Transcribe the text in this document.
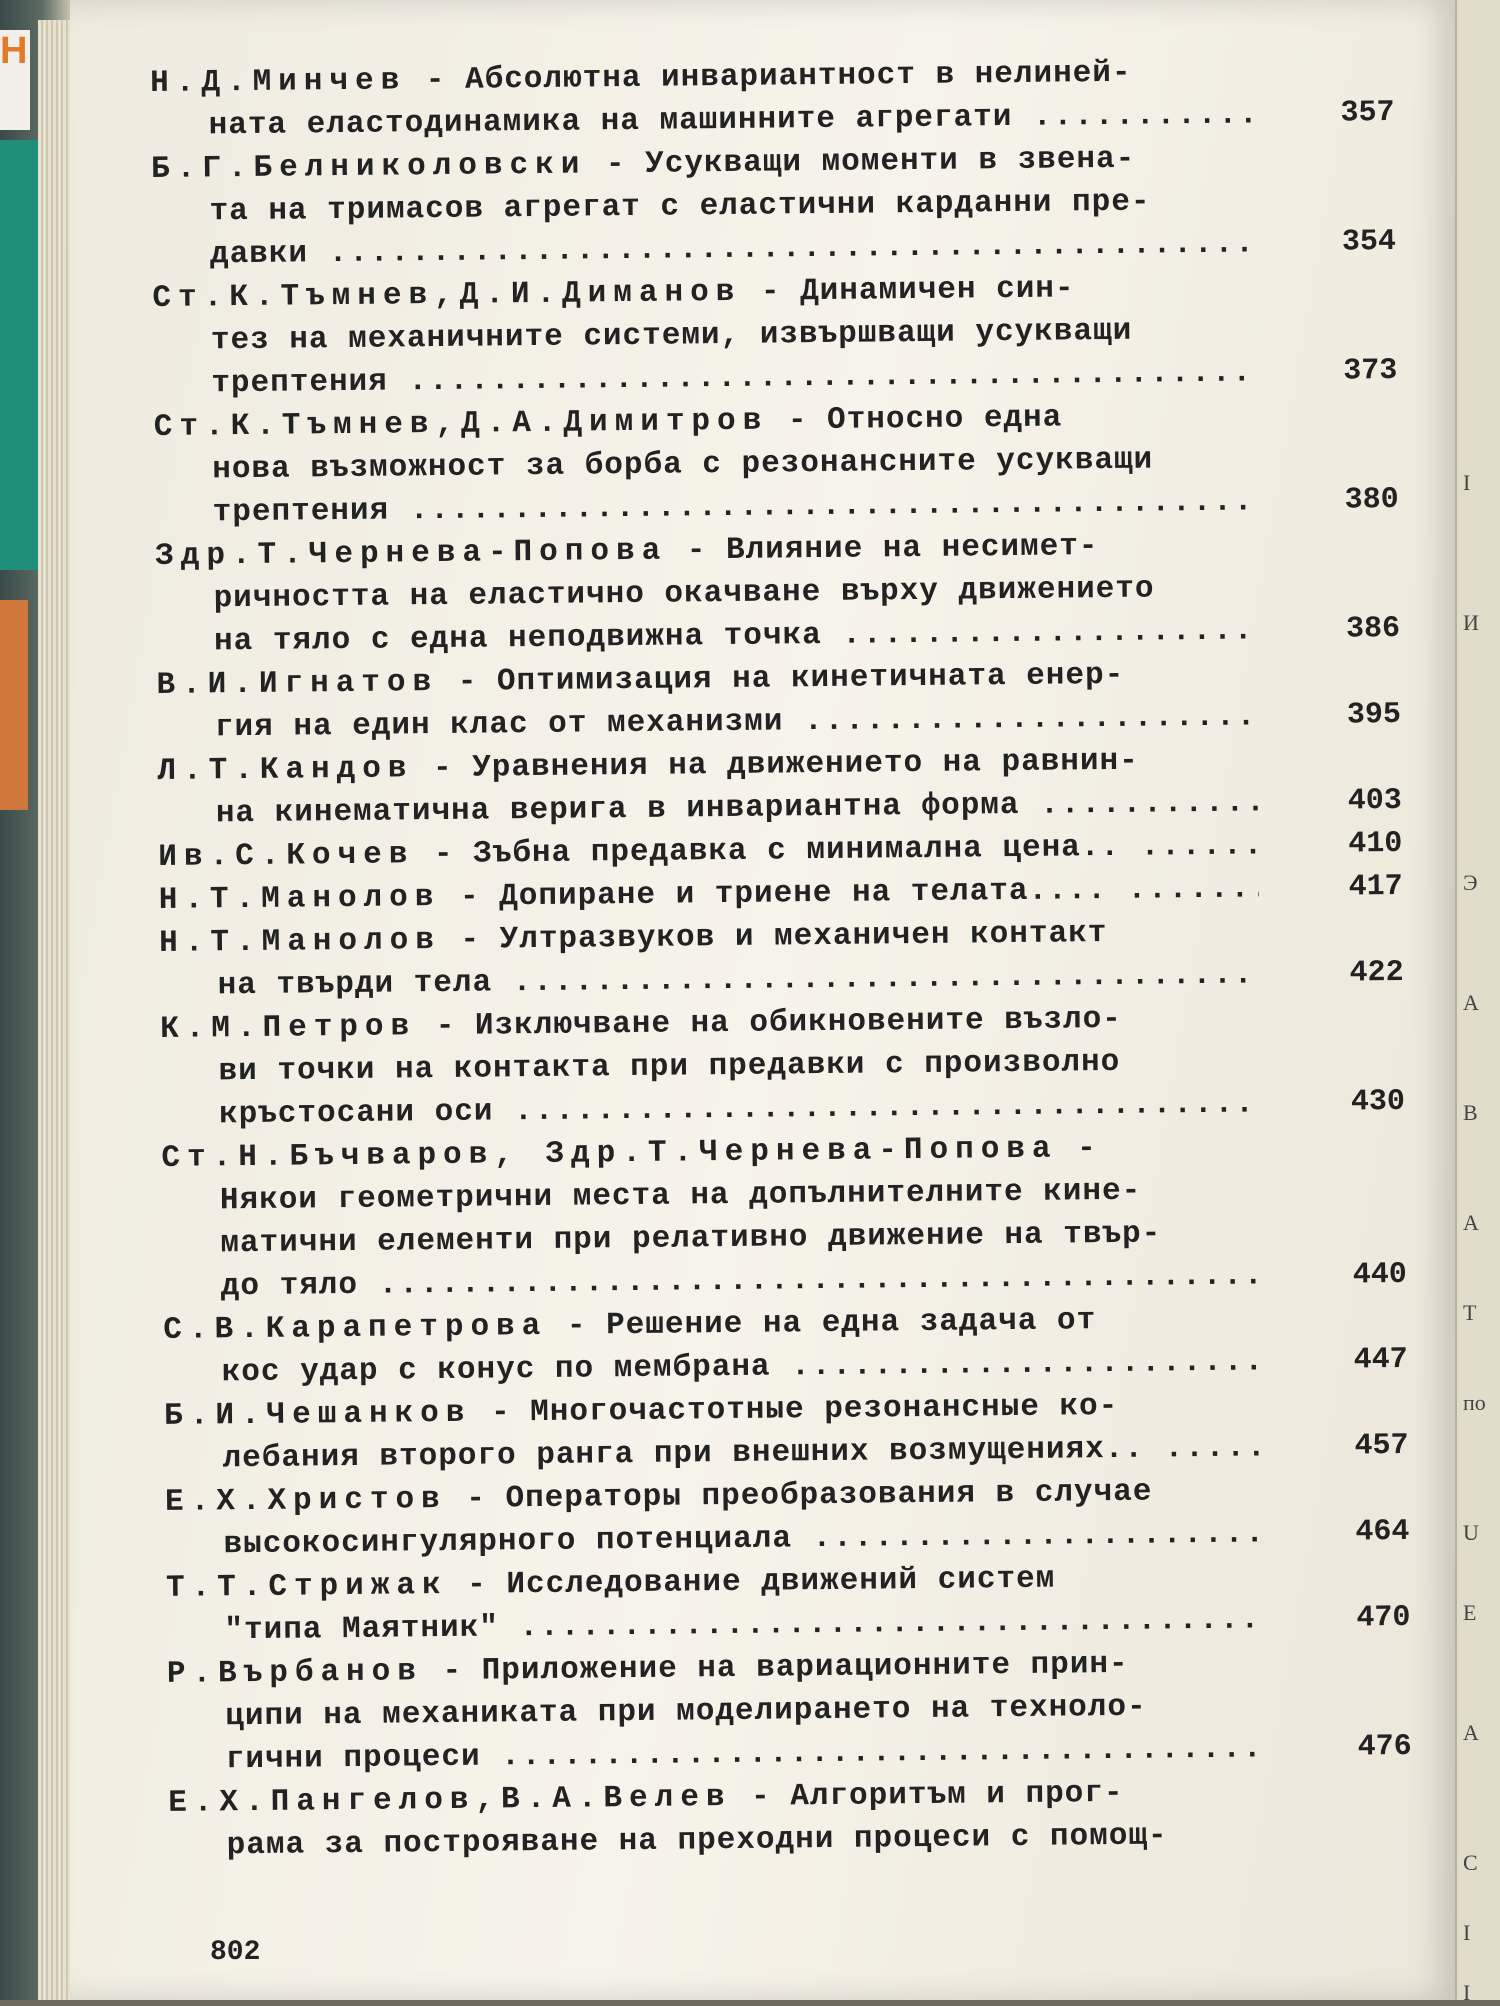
Н
Н.Д.Минчев - Абсолютна инвариантност в нелиней-
ната еластодинамика на машинните агрегати .....	357
Б.Г.Белниколовски - Усукващи моменти в звена-
та на тримасов агрегат с еластични карданни пре-
давки .....	354
Ст.К.Тъмнев,Д.И.Диманов - Динамичен син-
тез на механичните системи, извършващи усукващи
трептения .....	373
Ст.К.Тъмнев,Д.А.Димитров - Относно една
нова възможност за борба с резонансните усукващи
трептения .....	380
Здр.Т.Чернева-Попова - Влияние на несимет-
ричността на еластично окачване върху движението
на тяло с една неподвижна точка .....	386
В.И.Игнатов - Оптимизация на кинетичната енер-
гия на един клас от механизми .....	395
Л.Т.Кандов - Уравнения на движението на равнин-
на кинематична верига в инвариантна форма .....	403
Ив.С.Кочев - Зъбна предавка с минимална цена.. .....	410
Н.Т.Манолов - Допиране и триене на телата.... .....	417
Н.Т.Манолов - Ултразвуков и механичен контакт
на твърди тела .....	422
К.М.Петров - Изключване на обикновените възло-
ви точки на контакта при предавки с произволно
кръстосани оси .....	430
Ст.Н.Бъчваров, Здр.Т.Чернева-Попова -
Някои геометрични места на допълнителните кине-
матични елементи при релативно движение на твър-
до тяло .....	440
С.В.Карапетрова - Решение на една задача от
кос удар с конус по мембрана .....	447
Б.И.Чешанков - Многочастотные резонансные ко-
лебания второго ранга при внешних возмущениях.. .....	457
Е.Х.Христов - Операторы преобразования в случае
высокосингулярного потенциала .....	464
Т.Т.Стрижак - Исследование движений систем
"типа Маятник" .....	470
Р.Върбанов - Приложение на вариационните прин-
ципи на механиката при моделирането на техноло-
гични процеси .....	476
Е.Х.Пангелов,В.А.Велев - Алгоритъм и прог-
рама за построяване на преходни процеси с помощ-
802
I
И
Э
А
В
А
Т
по
U
Е
А
С
I
I
